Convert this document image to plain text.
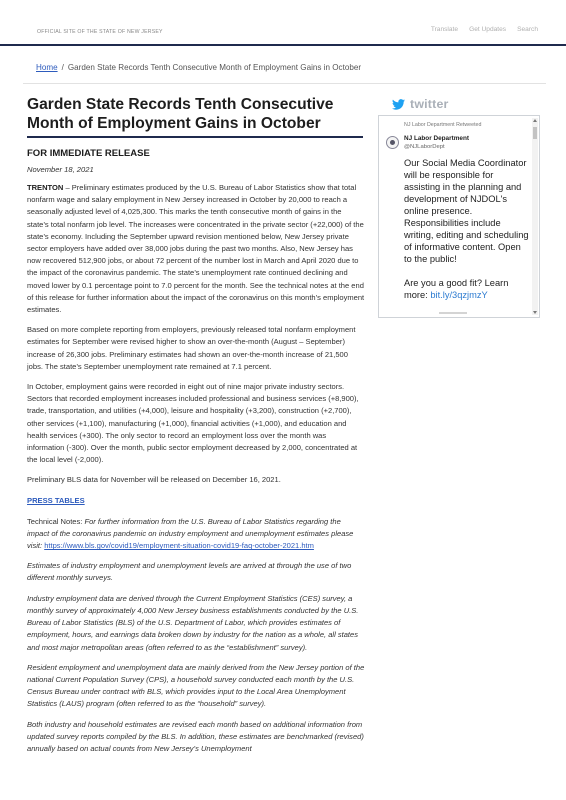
OFFICIAL SITE OF THE STATE OF NEW JERSEY	Translate Get Updates Search
Home / Garden State Records Tenth Consecutive Month of Employment Gains in October
Garden State Records Tenth Consecutive Month of Employment Gains in October
FOR IMMEDIATE RELEASE
November 18, 2021

TRENTON – Preliminary estimates produced by the U.S. Bureau of Labor Statistics show that total nonfarm wage and salary employment in New Jersey increased in October by 20,000 to reach a seasonally adjusted level of 4,025,300. This marks the tenth consecutive month of gains in the state’s total nonfarm job level. The increases were concentrated in the private sector (+22,000) of the state’s economy. Including the September upward revision mentioned below, New Jersey private sector employers have added over 38,000 jobs during the past two months. Also, New Jersey has now recovered 512,900 jobs, or about 72 percent of the number lost in March and April 2020 due to the impact of the coronavirus pandemic. The state’s unemployment rate continued declining and moved lower by 0.1 percentage point to 7.0 percent for the month. See the technical notes at the end of this release for further information about the impact of the coronavirus on this month’s employment estimates.

Based on more complete reporting from employers, previously released total nonfarm employment estimates for September were revised higher to show an over-the-month (August – September) increase of 26,300 jobs. Preliminary estimates had shown an over-the-month increase of 21,500 jobs. The state’s September unemployment rate remained at 7.1 percent.

In October, employment gains were recorded in eight out of nine major private industry sectors. Sectors that recorded employment increases included professional and business services (+8,900), trade, transportation, and utilities (+4,000), leisure and hospitality (+3,200), construction (+2,700), other services (+1,100), manufacturing (+1,000), financial activities (+1,000), and education and health services (+300). The only sector to record an employment loss over the month was information (-300). Over the month, public sector employment decreased by 2,000, concentrated at the local level (-2,000).

Preliminary BLS data for November will be released on December 16, 2021.

PRESS TABLES

Technical Notes: For further information from the U.S. Bureau of Labor Statistics regarding the impact of the coronavirus pandemic on industry employment and unemployment estimates please visit: https://www.bls.gov/covid19/employment-situation-covid19-faq-october-2021.htm

Estimates of industry employment and unemployment levels are arrived at through the use of two different monthly surveys.

Industry employment data are derived through the Current Employment Statistics (CES) survey, a monthly survey of approximately 4,000 New Jersey business establishments conducted by the U.S. Bureau of Labor Statistics (BLS) of the U.S. Department of Labor, which provides estimates of employment, hours, and earnings data broken down by industry for the nation as a whole, all states and most major metropolitan areas (often referred to as the “establishment” survey).

Resident employment and unemployment data are mainly derived from the New Jersey portion of the national Current Population Survey (CPS), a household survey conducted each month by the U.S. Census Bureau under contract with BLS, which provides input to the Local Area Unemployment Statistics (LAUS) program (often referred to as the “household” survey).

Both industry and household estimates are revised each month based on additional information from updated survey reports compiled by the BLS. In addition, these estimates are benchmarked (revised) annually based on actual counts from New Jersey’s Unemployment

twitter
NJ Labor Department Retweeted
NJ Labor Department
@NJLaborDept

Our Social Media Coordinator will be responsible for assisting in the planning and development of NJDOL's online presence. Responsibilities include writing, editing and scheduling of informative content. Open to the public!

Are you a good fit? Learn more: bit.ly/3qzjmzY
